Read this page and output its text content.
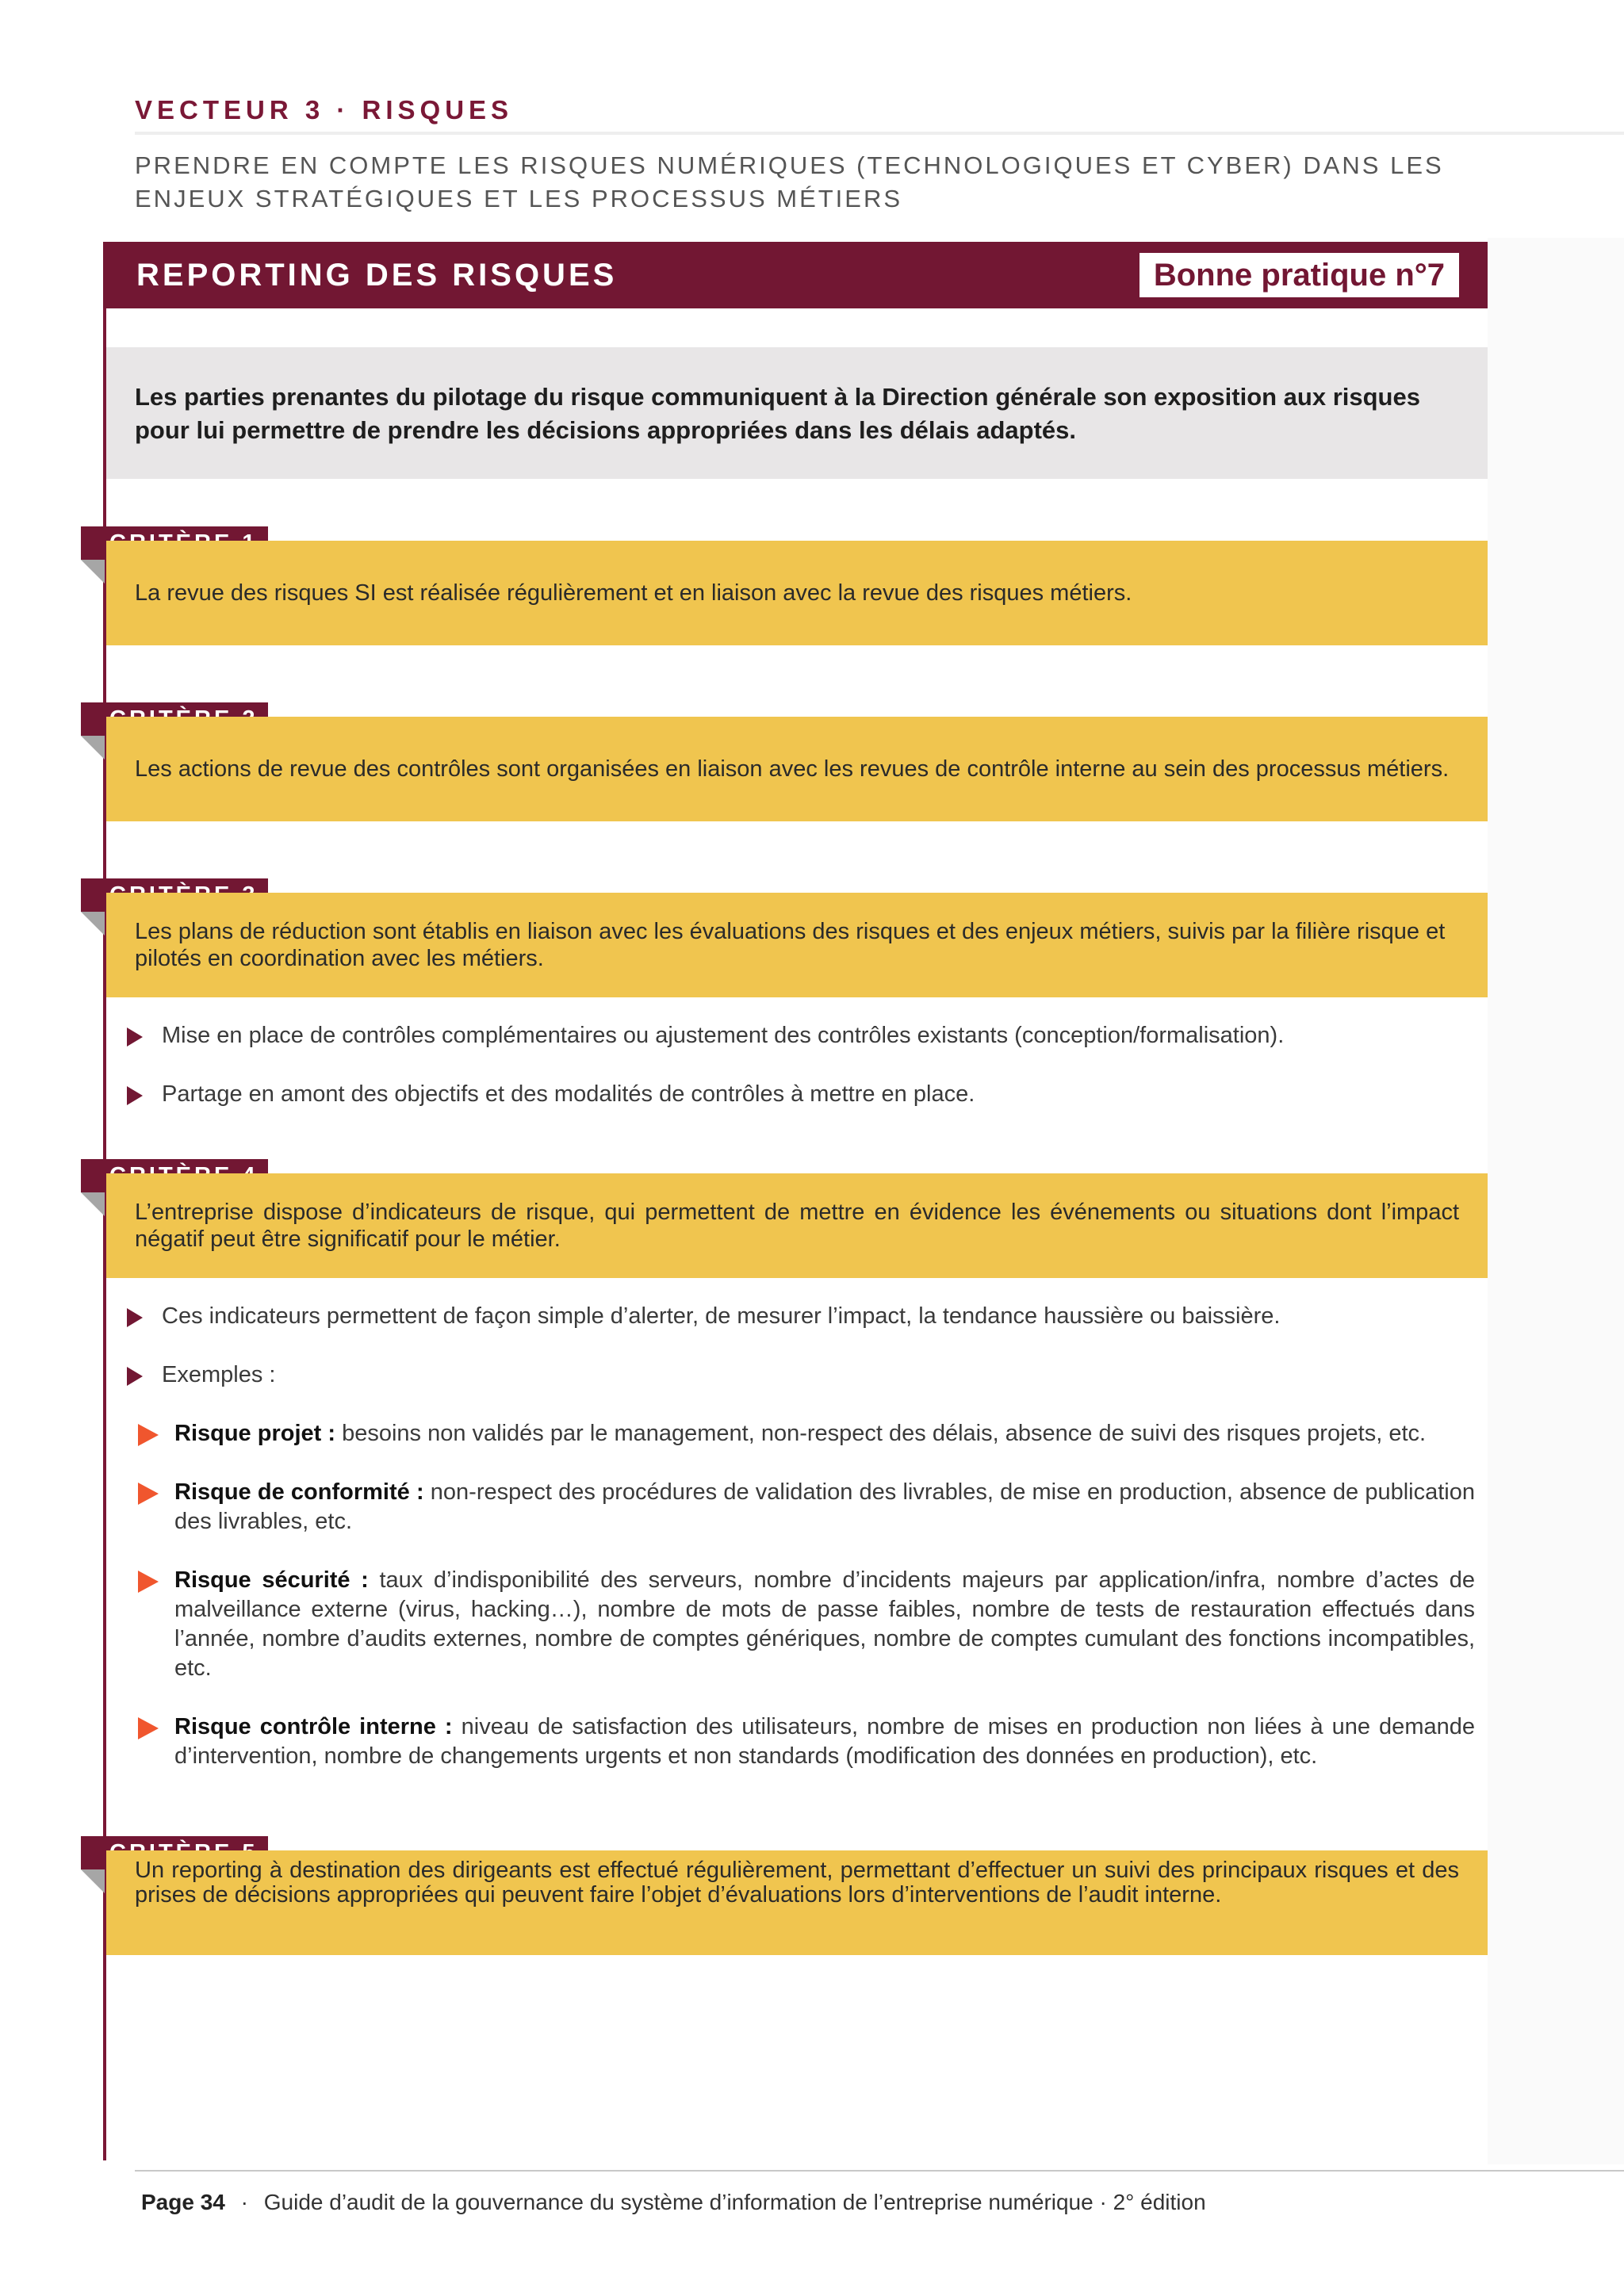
VECTEUR 3 · RISQUES
PRENDRE EN COMPTE LES RISQUES NUMÉRIQUES (TECHNOLOGIQUES ET CYBER) DANS LES ENJEUX STRATÉGIQUES ET LES PROCESSUS MÉTIERS
REPORTING DES RISQUES	Bonne pratique n°7
Les parties prenantes du pilotage du risque communiquent à la Direction générale son exposition aux risques pour lui permettre de prendre les décisions appropriées dans les délais adaptés.
La revue des risques SI est réalisée régulièrement et en liaison avec la revue des risques métiers.
Les actions de revue des contrôles sont organisées en liaison avec les revues de contrôle interne au sein des processus métiers.
Les plans de réduction sont établis en liaison avec les évaluations des risques et des enjeux métiers, suivis par la filière risque et pilotés en coordination avec les métiers.
Mise en place de contrôles complémentaires ou ajustement des contrôles existants (conception/formalisation).
Partage en amont des objectifs et des modalités de contrôles à mettre en place.
L’entreprise dispose d’indicateurs de risque, qui permettent de mettre en évidence les événements ou situations dont l’impact négatif peut être significatif pour le métier.
Ces indicateurs permettent de façon simple d’alerter, de mesurer l’impact, la tendance haussière ou baissière.
Exemples :
Risque projet : besoins non validés par le management, non-respect des délais, absence de suivi des risques projets, etc.
Risque de conformité : non-respect des procédures de validation des livrables, de mise en production, absence de publication des livrables, etc.
Risque sécurité : taux d’indisponibilité des serveurs, nombre d’incidents majeurs par application/infra, nombre d’actes de malveillance externe (virus, hacking…), nombre de mots de passe faibles, nombre de tests de restauration effectués dans l’année, nombre d’audits externes, nombre de comptes génériques, nombre de comptes cumulant des fonctions incompatibles, etc.
Risque contrôle interne : niveau de satisfaction des utilisateurs, nombre de mises en production non liées à une demande d’intervention, nombre de changements urgents et non standards (modification des données en production), etc.
Un reporting à destination des dirigeants est effectué régulièrement, permettant d’effectuer un suivi des principaux risques et des prises de décisions appropriées qui peuvent faire l’objet d’évaluations lors d’interventions de l’audit interne.
Page 34 · Guide d’audit de la gouvernance du système d’information de l’entreprise numérique · 2° édition
